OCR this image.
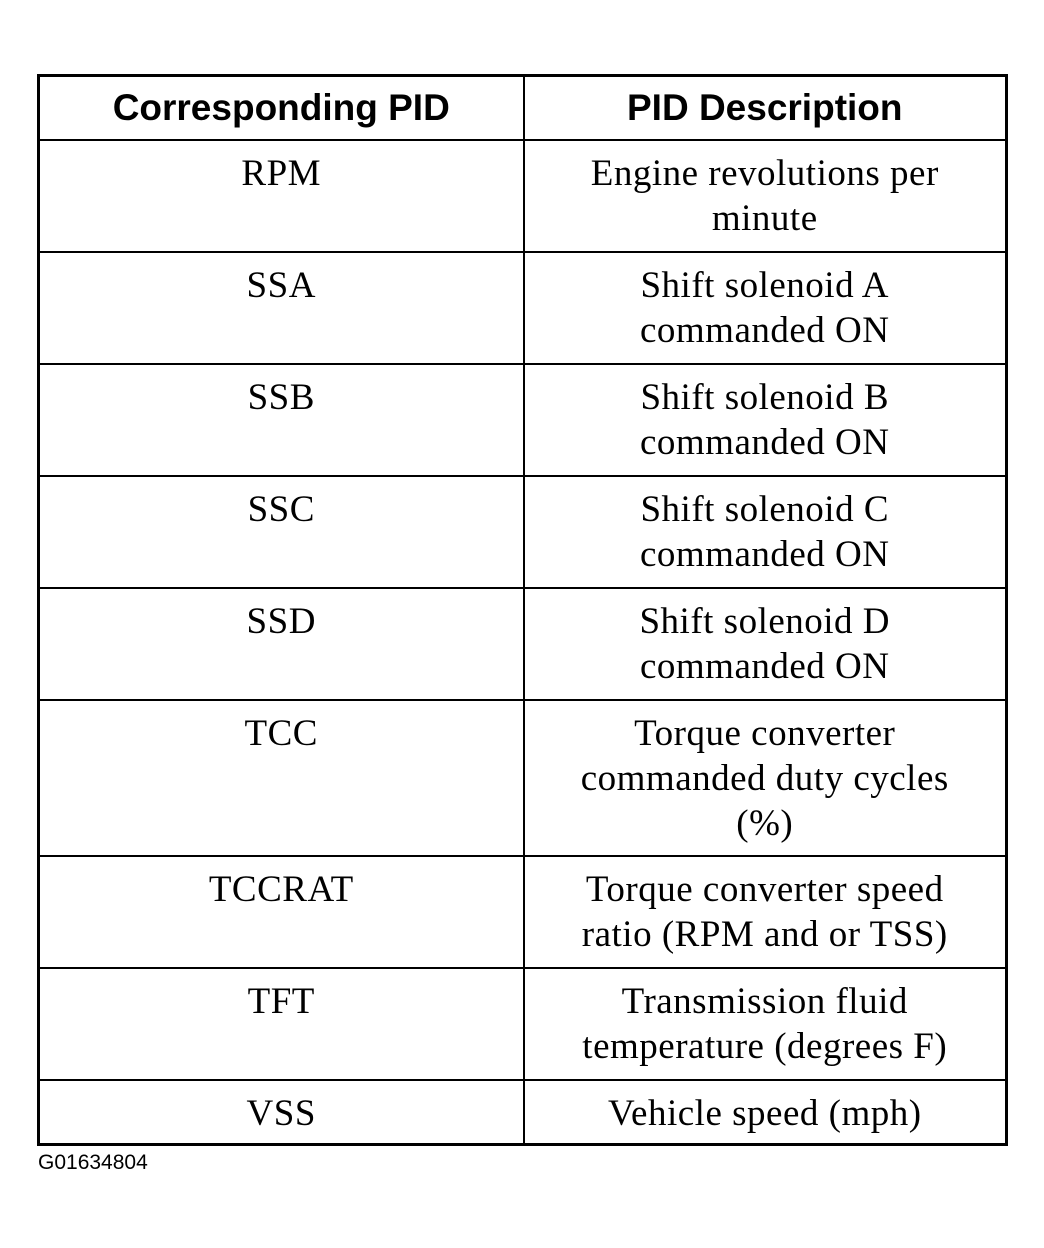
Corresponding PID	PID Description
RPM	Engine revolutions per minute
SSA	Shift solenoid A commanded ON
SSB	Shift solenoid B commanded ON
SSC	Shift solenoid C commanded ON
SSD	Shift solenoid D commanded ON
TCC	Torque converter commanded duty cycles (%)
TCCRAT	Torque converter speed ratio (RPM and or TSS)
TFT	Transmission fluid temperature (degrees F)
VSS	Vehicle speed (mph)
G01634804
